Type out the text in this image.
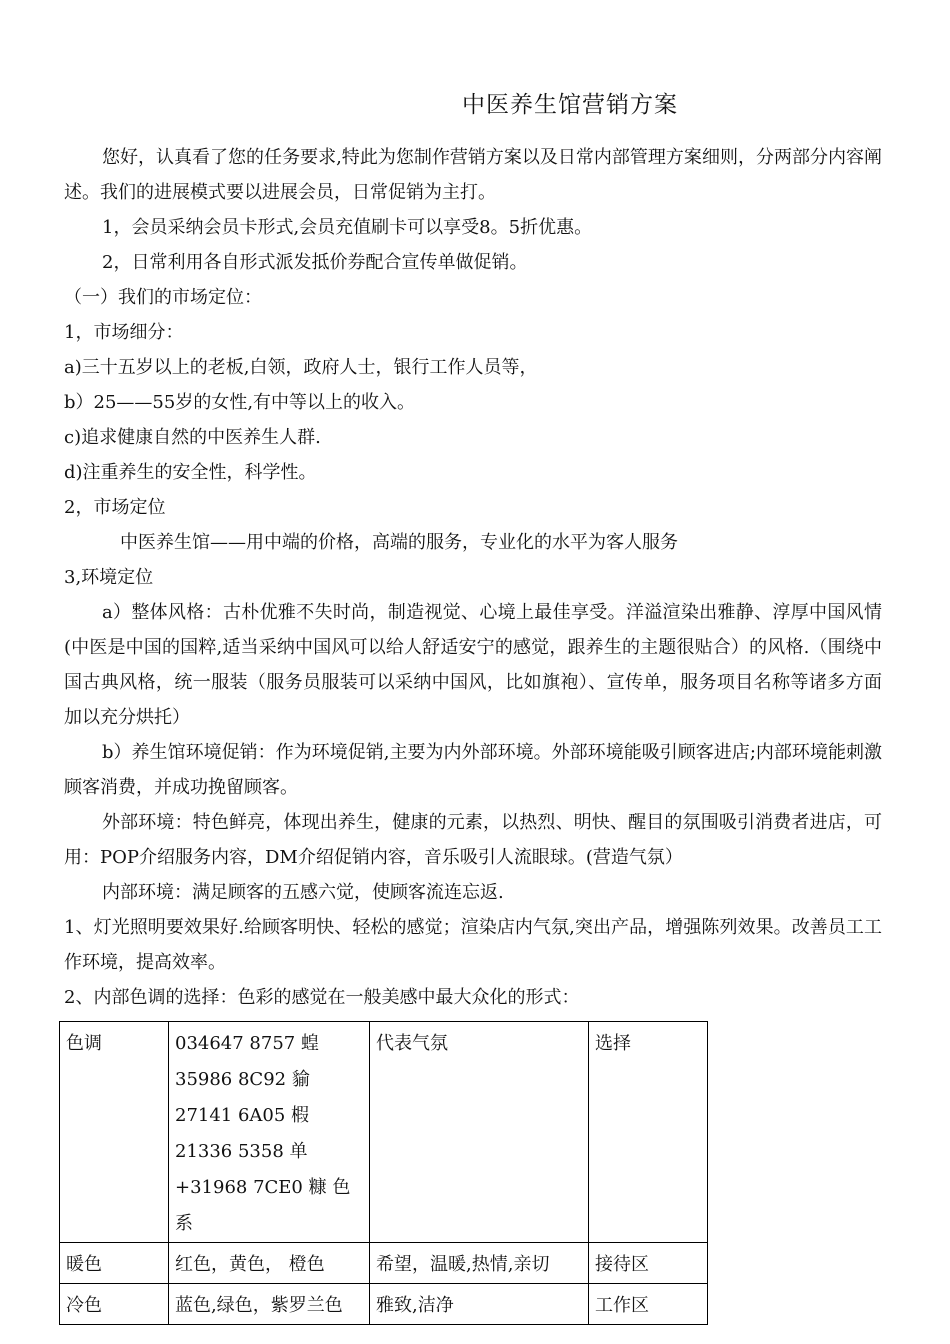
中医养生馆营销方案

您好，认真看了您的任务要求,特此为您制作营销方案以及日常内部管理方案细则，分两部分内容阐述。我们的进展模式要以进展会员，日常促销为主打。

1，会员采纳会员卡形式,会员充值刷卡可以享受8。5折优惠。

2，日常利用各自形式派发抵价券配合宣传单做促销。

（一）我们的市场定位：

1，市场细分：

a)三十五岁以上的老板,白领，政府人士，银行工作人员等，

b）25——55岁的女性,有中等以上的收入。

c)追求健康自然的中医养生人群.

d)注重养生的安全性，科学性。

2，市场定位

中医养生馆——用中端的价格，高端的服务，专业化的水平为客人服务

3,环境定位

a）整体风格：古朴优雅不失时尚，制造视觉、心境上最佳享受。洋溢渲染出雅静、淳厚中国风情(中医是中国的国粹,适当采纳中国风可以给人舒适安宁的感觉，跟养生的主题很贴合）的风格.（围绕中国古典风格，统一服装（服务员服装可以采纳中国风，比如旗袍）、宣传单，服务项目名称等诸多方面加以充分烘托）

b）养生馆环境促销：作为环境促销,主要为内外部环境。外部环境能吸引顾客进店;内部环境能刺激顾客消费，并成功挽留顾客。

外部环境：特色鲜亮，体现出养生，健康的元素，以热烈、明快、醒目的氛围吸引消费者进店，可用：POP介绍服务内容，DM介绍促销内容，音乐吸引人流眼球。(营造气氛）

内部环境：满足顾客的五感六觉，使顾客流连忘返.

1、灯光照明要效果好.给顾客明快、轻松的感觉；渲染店内气氛,突出产品，增强陈列效果。改善员工工作环境，提高效率。

2、内部色调的选择：色彩的感觉在一般美感中最大众化的形式：

色调	034647 8757 蝗 35986 8C92 貐27141 6A05 椵21336 5358 单+31968 7CE0 糠 色系	代表气氛	选择
暖色	红色，黄色， 橙色	希望，温暖,热情,亲切	接待区
冷色	蓝色,绿色，紫罗兰色	雅致,洁净	工作区
